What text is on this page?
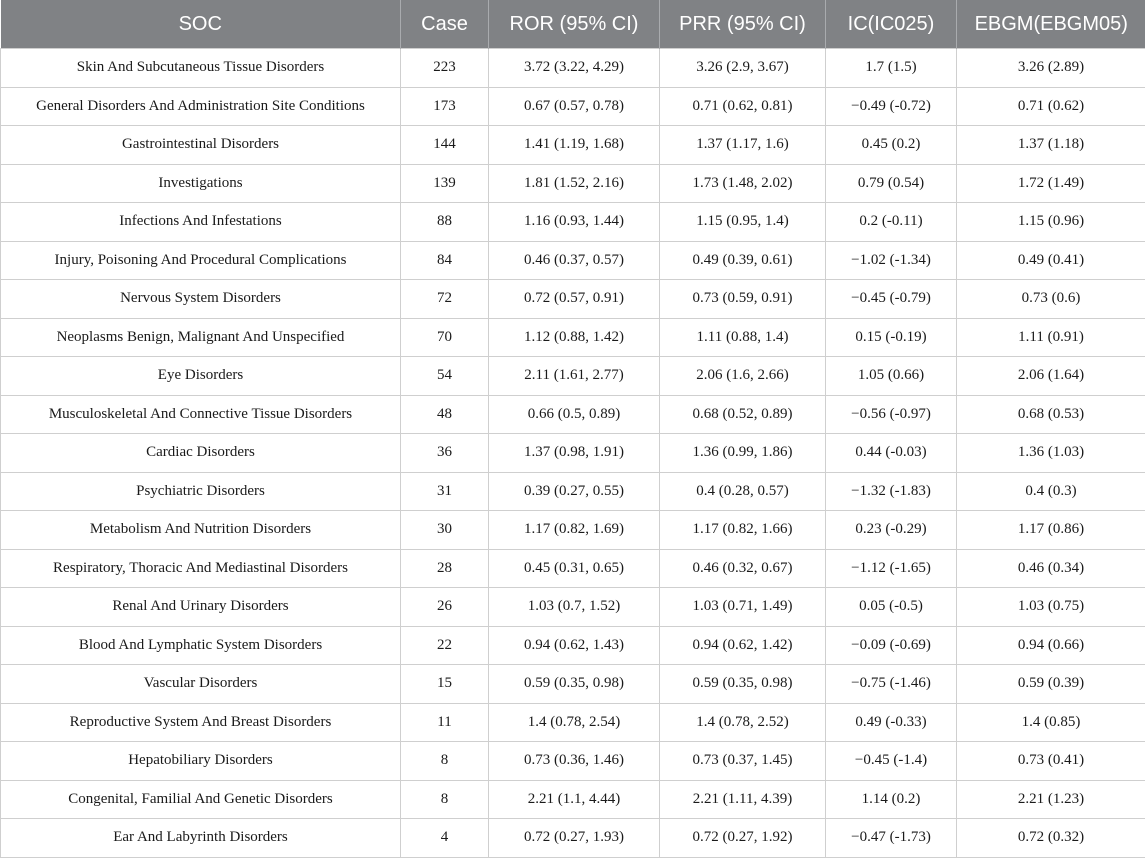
SOC	Case	ROR (95% CI)	PRR (95% CI)	IC(IC025)	EBGM(EBGM05)
Skin And Subcutaneous Tissue Disorders	223	3.72 (3.22, 4.29)	3.26 (2.9, 3.67)	1.7 (1.5)	3.26 (2.89)
General Disorders And Administration Site Conditions	173	0.67 (0.57, 0.78)	0.71 (0.62, 0.81)	−0.49 (-0.72)	0.71 (0.62)
Gastrointestinal Disorders	144	1.41 (1.19, 1.68)	1.37 (1.17, 1.6)	0.45 (0.2)	1.37 (1.18)
Investigations	139	1.81 (1.52, 2.16)	1.73 (1.48, 2.02)	0.79 (0.54)	1.72 (1.49)
Infections And Infestations	88	1.16 (0.93, 1.44)	1.15 (0.95, 1.4)	0.2 (-0.11)	1.15 (0.96)
Injury, Poisoning And Procedural Complications	84	0.46 (0.37, 0.57)	0.49 (0.39, 0.61)	−1.02 (-1.34)	0.49 (0.41)
Nervous System Disorders	72	0.72 (0.57, 0.91)	0.73 (0.59, 0.91)	−0.45 (-0.79)	0.73 (0.6)
Neoplasms Benign, Malignant And Unspecified	70	1.12 (0.88, 1.42)	1.11 (0.88, 1.4)	0.15 (-0.19)	1.11 (0.91)
Eye Disorders	54	2.11 (1.61, 2.77)	2.06 (1.6, 2.66)	1.05 (0.66)	2.06 (1.64)
Musculoskeletal And Connective Tissue Disorders	48	0.66 (0.5, 0.89)	0.68 (0.52, 0.89)	−0.56 (-0.97)	0.68 (0.53)
Cardiac Disorders	36	1.37 (0.98, 1.91)	1.36 (0.99, 1.86)	0.44 (-0.03)	1.36 (1.03)
Psychiatric Disorders	31	0.39 (0.27, 0.55)	0.4 (0.28, 0.57)	−1.32 (-1.83)	0.4 (0.3)
Metabolism And Nutrition Disorders	30	1.17 (0.82, 1.69)	1.17 (0.82, 1.66)	0.23 (-0.29)	1.17 (0.86)
Respiratory, Thoracic And Mediastinal Disorders	28	0.45 (0.31, 0.65)	0.46 (0.32, 0.67)	−1.12 (-1.65)	0.46 (0.34)
Renal And Urinary Disorders	26	1.03 (0.7, 1.52)	1.03 (0.71, 1.49)	0.05 (-0.5)	1.03 (0.75)
Blood And Lymphatic System Disorders	22	0.94 (0.62, 1.43)	0.94 (0.62, 1.42)	−0.09 (-0.69)	0.94 (0.66)
Vascular Disorders	15	0.59 (0.35, 0.98)	0.59 (0.35, 0.98)	−0.75 (-1.46)	0.59 (0.39)
Reproductive System And Breast Disorders	11	1.4 (0.78, 2.54)	1.4 (0.78, 2.52)	0.49 (-0.33)	1.4 (0.85)
Hepatobiliary Disorders	8	0.73 (0.36, 1.46)	0.73 (0.37, 1.45)	−0.45 (-1.4)	0.73 (0.41)
Congenital, Familial And Genetic Disorders	8	2.21 (1.1, 4.44)	2.21 (1.11, 4.39)	1.14 (0.2)	2.21 (1.23)
Ear And Labyrinth Disorders	4	0.72 (0.27, 1.93)	0.72 (0.27, 1.92)	−0.47 (-1.73)	0.72 (0.32)
